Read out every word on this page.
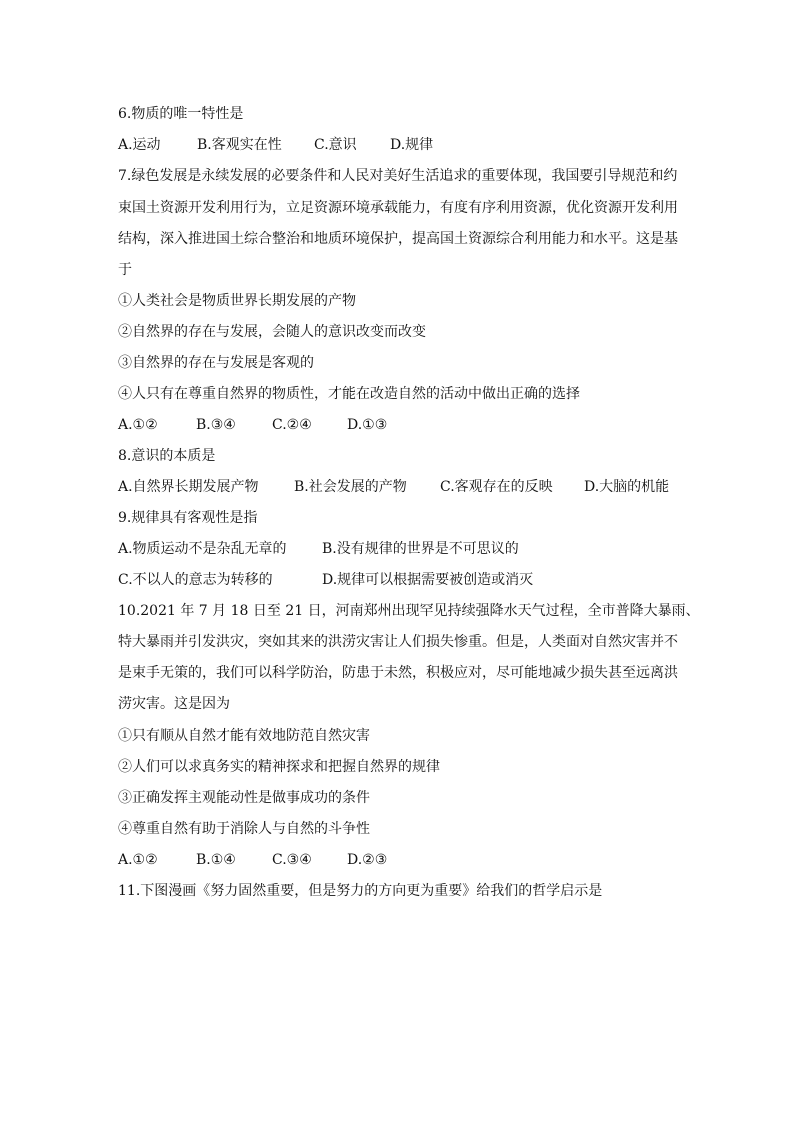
6.物质的唯一特性是
A.运动	B.客观实在性 C.意识 D.规律
7.绿色发展是永续发展的必要条件和人民对美好生活追求的重要体现，我国要引导规范和约
束国土资源开发利用行为，立足资源环境承载能力，有度有序利用资源，优化资源开发利用
结构，深入推进国土综合整治和地质环境保护，提高国土资源综合利用能力和水平。这是基
于
①人类社会是物质世界长期发展的产物
②自然界的存在与发展，会随人的意识改变而改变
③自然界的存在与发展是客观的
④人只有在尊重自然界的物质性，才能在改造自然的活动中做出正确的选择
A.①②	B.③④	C.②④	D.①③
8.意识的本质是
A.自然界长期发展产物	B.社会发展的产物 C.客观存在的反映 D.大脑的机能
9.规律具有客观性是指
A.物质运动不是杂乱无章的	B.没有规律的世界是不可思议的
C.不以人的意志为转移的	D.规律可以根据需要被创造或消灭
10.2021 年 7 月 18 日至 21 日，河南郑州出现罕见持续强降水天气过程，全市普降大暴雨、
特大暴雨并引发洪灾，突如其来的洪涝灾害让人们损失惨重。但是，人类面对自然灾害并不
是束手无策的，我们可以科学防治，防患于未然，积极应对，尽可能地减少损失甚至远离洪
涝灾害。这是因为
①只有顺从自然才能有效地防范自然灾害
②人们可以求真务实的精神探求和把握自然界的规律
③正确发挥主观能动性是做事成功的条件
④尊重自然有助于消除人与自然的斗争性
A.①②	B.①④	C.③④	D.②③
11.下图漫画《努力固然重要，但是努力的方向更为重要》给我们的哲学启示是
